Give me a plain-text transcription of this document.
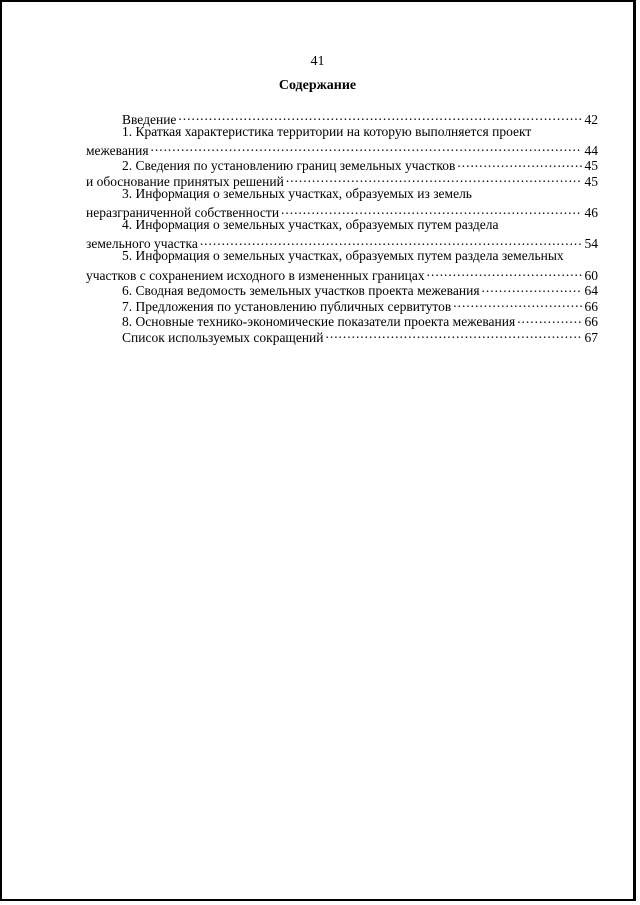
41
Содержание
Введение . . .	42
1. Краткая характеристика территории на которую выполняется проект
межевания . . .	44
2. Сведения по установлению границ земельных участков . . .	45
и обоснование принятых решений . . .	45
3. Информация о земельных участках, образуемых из земель
неразграниченной собственности . . .	46
4. Информация о земельных участках, образуемых путем раздела
земельного участка . . .	54
5. Информация о земельных участках, образуемых путем раздела земельных
участков с сохранением исходного в измененных границах . . .	60
6. Сводная ведомость земельных участков проекта межевания . . .	64
7. Предложения по установлению публичных сервитутов . . .	66
8. Основные технико-экономические показатели проекта межевания . . .	66
Список используемых сокращений . . .	67
